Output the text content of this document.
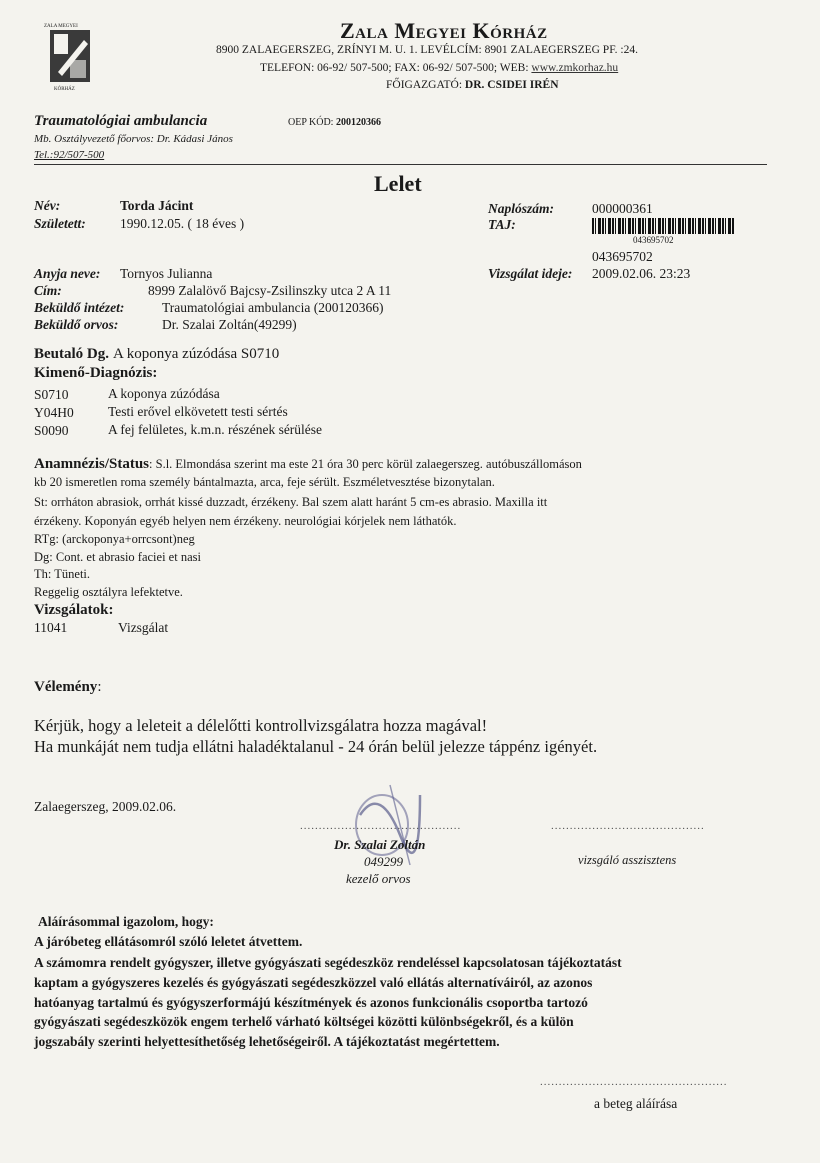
ZALA MEGYEI
KÓRHÁZ
Zala Megyei Kórház
8900 ZALAEGERSZEG, ZRÍNYI M. U. 1. LEVÉLCÍM: 8901 ZALAEGERSZEG PF. :24.
TELEFON: 06-92/ 507-500; FAX: 06-92/ 507-500; WEB: www.zmkorhaz.hu
FŐIGAZGATÓ: DR. CSIDEI IRÉN
Traumatológiai ambulancia	OEP KÓD: 200120366
Mb. Osztályvezető főorvos: Dr. Kádasi János
Tel.:92/507-500
Lelet
Név:	Torda Jácint
Született:	1990.12.05. ( 18 éves )
Naplószám:	000000361
TAJ:
043695702
043695702
Anyja neve: Tornyos Julianna	Vizsgálat ideje: 2009.02.06. 23:23
Cím:	8999 Zalalövő Bajcsy-Zsilinszky utca 2 A 11
Beküldő intézet:	Traumatológiai ambulancia (200120366)
Beküldő orvos:	Dr. Szalai Zoltán(49299)
Beutaló Dg. A koponya zúzódása S0710
Kimenő-Diagnózis:
S0710	A koponya zúzódása
Y04H0	Testi erővel elkövetett testi sértés
S0090	A fej felületes, k.m.n. részének sérülése
Anamnézis/Status: S.l. Elmondása szerint ma este 21 óra 30 perc körül zalaegerszeg. autóbuszállomáson
kb 20 ismeretlen roma személy bántalmazta, arca, feje sérült. Eszméletvesztése bizonytalan.
St: orrháton abrasiok, orrhát kissé duzzadt, érzékeny. Bal szem alatt haránt 5 cm-es abrasio. Maxilla itt
érzékeny. Koponyán egyéb helyen nem érzékeny. neurológiai kórjelek nem láthatók.
RTg: (arckoponya+orrcsont)neg
Dg: Cont. et abrasio faciei et nasi
Th: Tüneti.
Reggelig osztályra lefektetve.
Vizsgálatok:
11041	Vizsgálat
Vélemény:
Kérjük, hogy a leleteit a délelőtti kontrollvizsgálatra hozza magával!
Ha munkáját nem tudja ellátni haladéktalanul - 24 órán belül jelezze táppénz igényét.
Zalaegerszeg, 2009.02.06.
...........................................
Dr. Szalai Zoltán
049299
kezelő orvos
.........................................
vizsgáló asszisztens
Aláírásommal igazolom, hogy:
A járóbeteg ellátásomról szóló leletet átvettem.
A számomra rendelt gyógyszer, illetve gyógyászati segédeszköz rendeléssel kapcsolatosan tájékoztatást
kaptam a gyógyszeres kezelés és gyógyászati segédeszközzel való ellátás alternatíváiról, az azonos
hatóanyag tartalmú és gyógyszerformájú készítmények és azonos funkcionális csoportba tartozó
gyógyászati segédeszközök engem terhelő várható költségei közötti különbségekről, és a külön
jogszabály szerinti helyettesíthetőség lehetőségeiről. A tájékoztatást megértettem.
..................................................
a beteg aláírása
